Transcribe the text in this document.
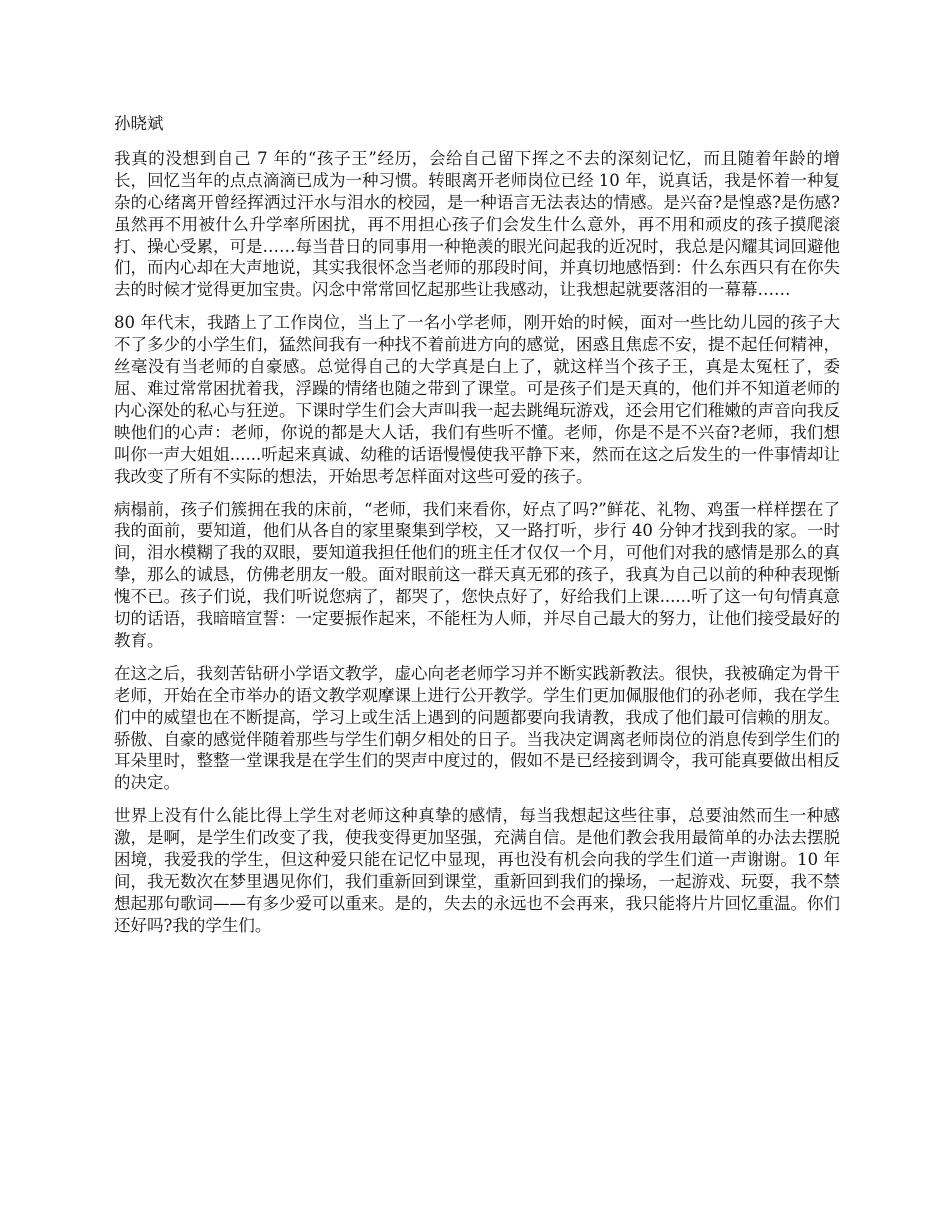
孙晓斌

我真的没想到自己 7 年的“孩子王”经历，会给自己留下挥之不去的深刻记忆，而且随着年龄的增长，回忆当年的点点滴滴已成为一种习惯。转眼离开老师岗位已经 10 年，说真话，我是怀着一种复杂的心绪离开曾经挥洒过汗水与泪水的校园，是一种语言无法表达的情感。是兴奋?是惶惑?是伤感?虽然再不用被什么升学率所困扰，再不用担心孩子们会发生什么意外，再不用和顽皮的孩子摸爬滚打、操心受累，可是……每当昔日的同事用一种艳羡的眼光问起我的近况时，我总是闪耀其词回避他们，而内心却在大声地说，其实我很怀念当老师的那段时间，并真切地感悟到：什么东西只有在你失去的时候才觉得更加宝贵。闪念中常常回忆起那些让我感动，让我想起就要落泪的一幕幕……

80 年代末，我踏上了工作岗位，当上了一名小学老师，刚开始的时候，面对一些比幼儿园的孩子大不了多少的小学生们，猛然间我有一种找不着前进方向的感觉，困惑且焦虑不安，提不起任何精神，丝毫没有当老师的自豪感。总觉得自己的大学真是白上了，就这样当个孩子王，真是太冤枉了，委屈、难过常常困扰着我，浮躁的情绪也随之带到了课堂。可是孩子们是天真的，他们并不知道老师的内心深处的私心与狂逆。下课时学生们会大声叫我一起去跳绳玩游戏，还会用它们稚嫩的声音向我反映他们的心声：老师，你说的都是大人话，我们有些听不懂。老师，你是不是不兴奋?老师，我们想叫你一声大姐姐......听起来真诚、幼稚的话语慢慢使我平静下来，然而在这之后发生的一件事情却让我改变了所有不实际的想法，开始思考怎样面对这些可爱的孩子。

病榻前，孩子们簇拥在我的床前，“老师，我们来看你，好点了吗?”鲜花、礼物、鸡蛋一样样摆在了我的面前，要知道，他们从各自的家里聚集到学校，又一路打听，步行 40 分钟才找到我的家。一时间，泪水模糊了我的双眼，要知道我担任他们的班主任才仅仅一个月，可他们对我的感情是那么的真挚，那么的诚恳，仿佛老朋友一般。面对眼前这一群天真无邪的孩子，我真为自己以前的种种表现惭愧不已。孩子们说，我们听说您病了，都哭了，您快点好了，好给我们上课......听了这一句句情真意切的话语，我暗暗宣誓：一定要振作起来，不能枉为人师，并尽自己最大的努力，让他们接受最好的教育。

在这之后，我刻苦钻研小学语文教学，虚心向老老师学习并不断实践新教法。很快，我被确定为骨干老师，开始在全市举办的语文教学观摩课上进行公开教学。学生们更加佩服他们的孙老师，我在学生们中的威望也在不断提高，学习上或生活上遇到的问题都要向我请教，我成了他们最可信赖的朋友。骄傲、自豪的感觉伴随着那些与学生们朝夕相处的日子。当我决定调离老师岗位的消息传到学生们的耳朵里时，整整一堂课我是在学生们的哭声中度过的，假如不是已经接到调令，我可能真要做出相反的决定。

世界上没有什么能比得上学生对老师这种真挚的感情，每当我想起这些往事，总要油然而生一种感激，是啊，是学生们改变了我，使我变得更加坚强，充满自信。是他们教会我用最简单的办法去摆脱困境，我爱我的学生，但这种爱只能在记忆中显现，再也没有机会向我的学生们道一声谢谢。10 年间，我无数次在梦里遇见你们，我们重新回到课堂，重新回到我们的操场，一起游戏、玩耍，我不禁想起那句歌词——有多少爱可以重来。是的，失去的永远也不会再来，我只能将片片回忆重温。你们还好吗?我的学生们。
